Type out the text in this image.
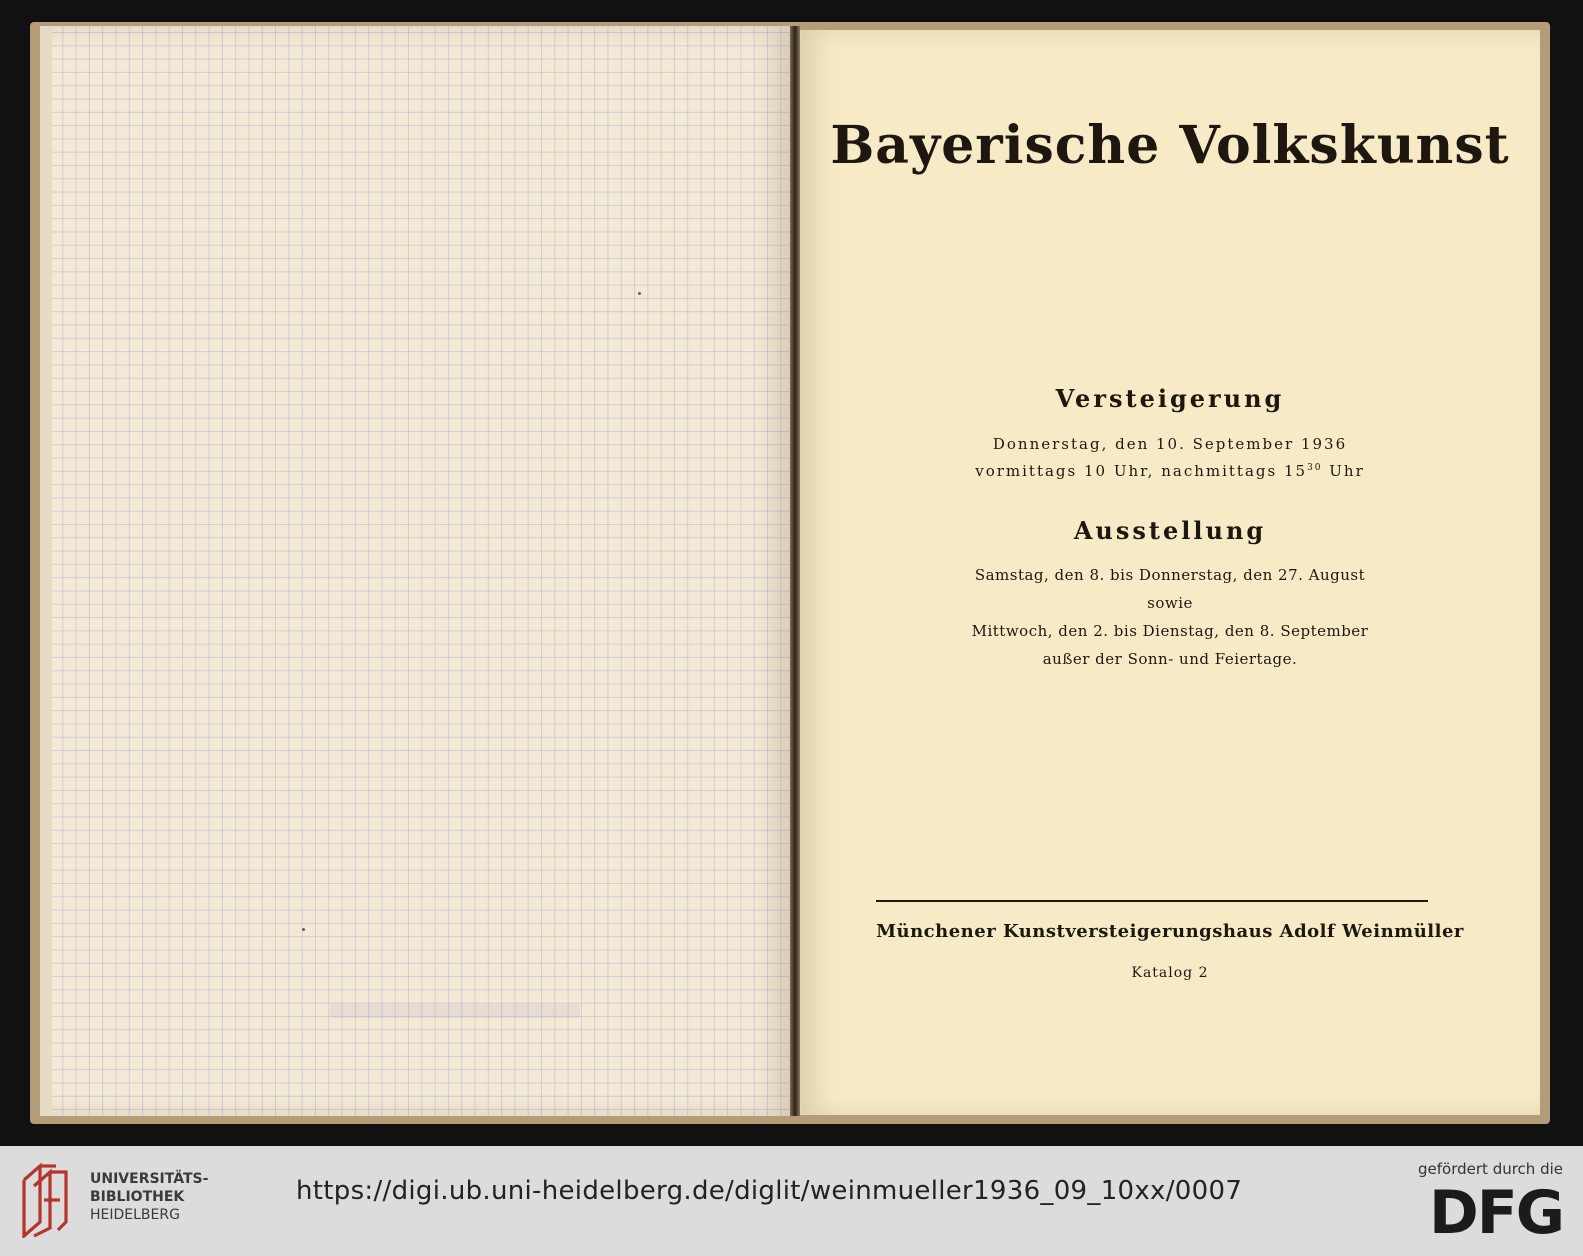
Bayerische Volkskunst
Versteigerung
Donnerstag, den 10. September 1936
vormittags 10 Uhr, nachmittags $15^{30}$ Uhr
Ausstellung
Samstag, den 8. bis Donnerstag, den 27. August
sowie
Mittwoch, den 2. bis Dienstag, den 8. September
außer der Sonn- und Feiertage.
Münchener Kunstversteigerungshaus Adolf Weinmüller
Katalog 2
UNIVERSITÄTS-
BIBLIOTHEK
HEIDELBERG
https://digi.ub.uni-heidelberg.de/diglit/weinmueller1936_09_10xx/0007
gefördert durch die
DFG
